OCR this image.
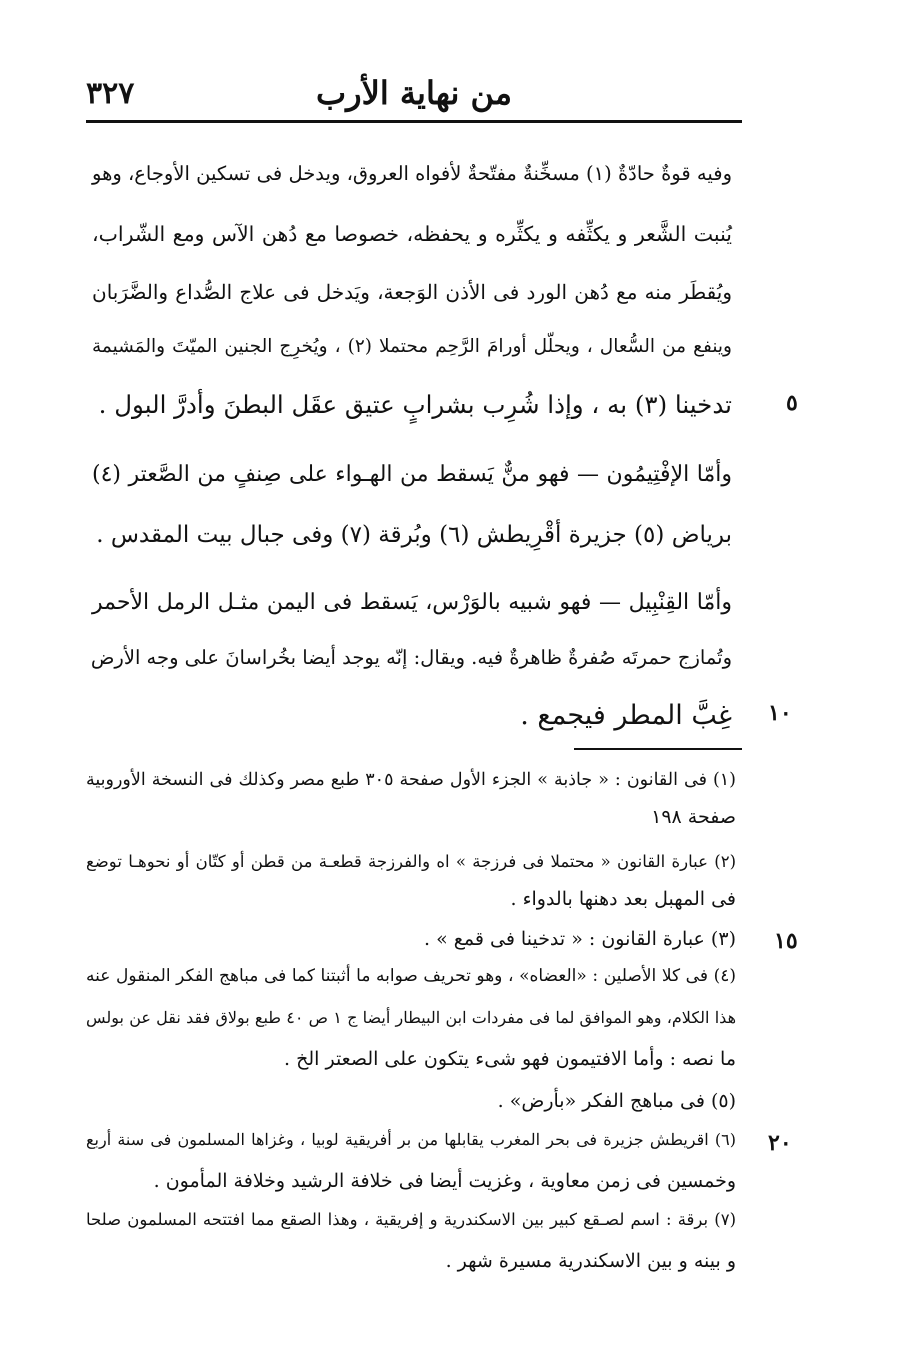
٣٢٧	من نهاية الأرب
وفيه قوةٌ حادّةٌ (١) مسخِّنةٌ مفتّحةٌ لأفواه العروق، ويدخل فى تسكين الأوجاع، وهو
يُنبت الشَّعر و يكثِّفه و يكثِّره و يحفظه، خصوصا مع دُهن الآس ومع الشّراب،
ويُقطَر منه مع دُهن الورد فى الأذن الوَجعة، ويَدخل فى علاج الصُّداع والضَّرَبان
وينفع من السُّعال ، ويحلّل أورامَ الرَّحِم محتملا (٢) ، ويُخرِج الجنين الميّتَ والمَشيمة
تدخينا (٣) به ، وإذا شُرِب بشرابٍ عتيق عقَل البطنَ وأدرَّ البول .
وأمّا الإفْتِيمُون — فهو منٌّ يَسقط من الهـواء على صِنفٍ من الصَّعتر (٤)
برياض (٥) جزيرة أقْرِيطش (٦) وبُرقة (٧) وفى جبال بيت المقدس .
وأمّا القِنْبِيل — فهو شبيه بالوَرْس، يَسقط فى اليمن مثـل الرمل الأحمر
وتُمازج حمرتَه صُفرةٌ ظاهرةٌ فيه. ويقال: إنّه يوجد أيضا بخُراسانَ على وجه الأرض
غِبَّ المطر فيجمع .
(١) فى القانون : « جاذبة » الجزء الأول صفحة ٣٠٥ طبع مصر وكذلك فى النسخة الأوروبية
صفحة ١٩٨
(٢) عبارة القانون « محتملا فى فرزجة » اه والفرزجة قطعـة من قطن أو كتّان أو نحوهـا توضع
فى المهبل بعد دهنها بالدواء .
(٣) عبارة القانون : « تدخينا فى قمع » .
(٤) فى كلا الأصلين : «العضاه» ، وهو تحريف صوابه ما أثبتنا كما فى مباهج الفكر المنقول عنه
هذا الكلام، وهو الموافق لما فى مفردات ابن البيطار أيضا ج ١ ص ٤٠ طبع بولاق فقد نقل عن بولس
ما نصه : وأما الافتيمون فهو شىء يتكون على الصعتر الخ .
(٥) فى مباهج الفكر «بأرض» .
(٦) اقريطش جزيرة فى بحر المغرب يقابلها من بر أفريقية لوبيا ، وغزاها المسلمون فى سنة أربع
وخمسين فى زمن معاوية ، وغزيت أيضا فى خلافة الرشيد وخلافة المأمون .
(٧) برقة : اسم لصـقع كبير بين الاسكندرية و إفريقية ، وهذا الصقع مما افتتحه المسلمون صلحا
و بينه و بين الاسكندرية مسيرة شهر .
٥
١٠
١٥
٢٠
